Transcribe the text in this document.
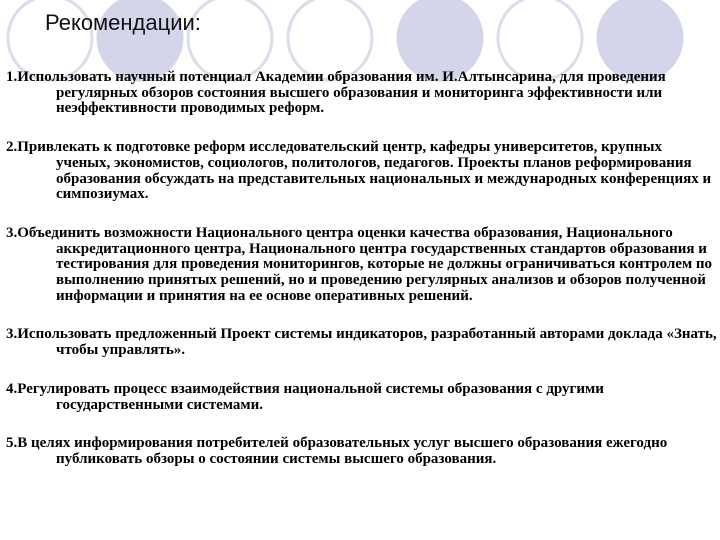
Рекомендации:
1.Использовать научный потенциал Академии образования им. И.Алтынсарина, для проведения регулярных обзоров состояния высшего образования и мониторинга эффективности или неэффективности проводимых реформ.
2.Привлекать к подготовке реформ исследовательский центр, кафедры университетов, крупных ученых, экономистов, социологов, политологов, педагогов. Проекты планов реформирования образования обсуждать на представительных национальных и международных конференциях и симпозиумах.
3.Объединить возможности Национального центра оценки качества образования, Национального аккредитационного центра, Национального центра государственных стандартов образования и тестирования для проведения мониторингов, которые не должны ограничиваться контролем по выполнению принятых решений, но и проведению регулярных анализов и обзоров полученной информации и принятия на ее основе оперативных решений.
3.Использовать предложенный Проект системы индикаторов, разработанный авторами доклада «Знать, чтобы управлять».
4.Регулировать процесс взаимодействия национальной системы образования с другими государственными системами.
5.В целях информирования потребителей образовательных услуг высшего образования ежегодно публиковать обзоры о состоянии системы высшего образования.
